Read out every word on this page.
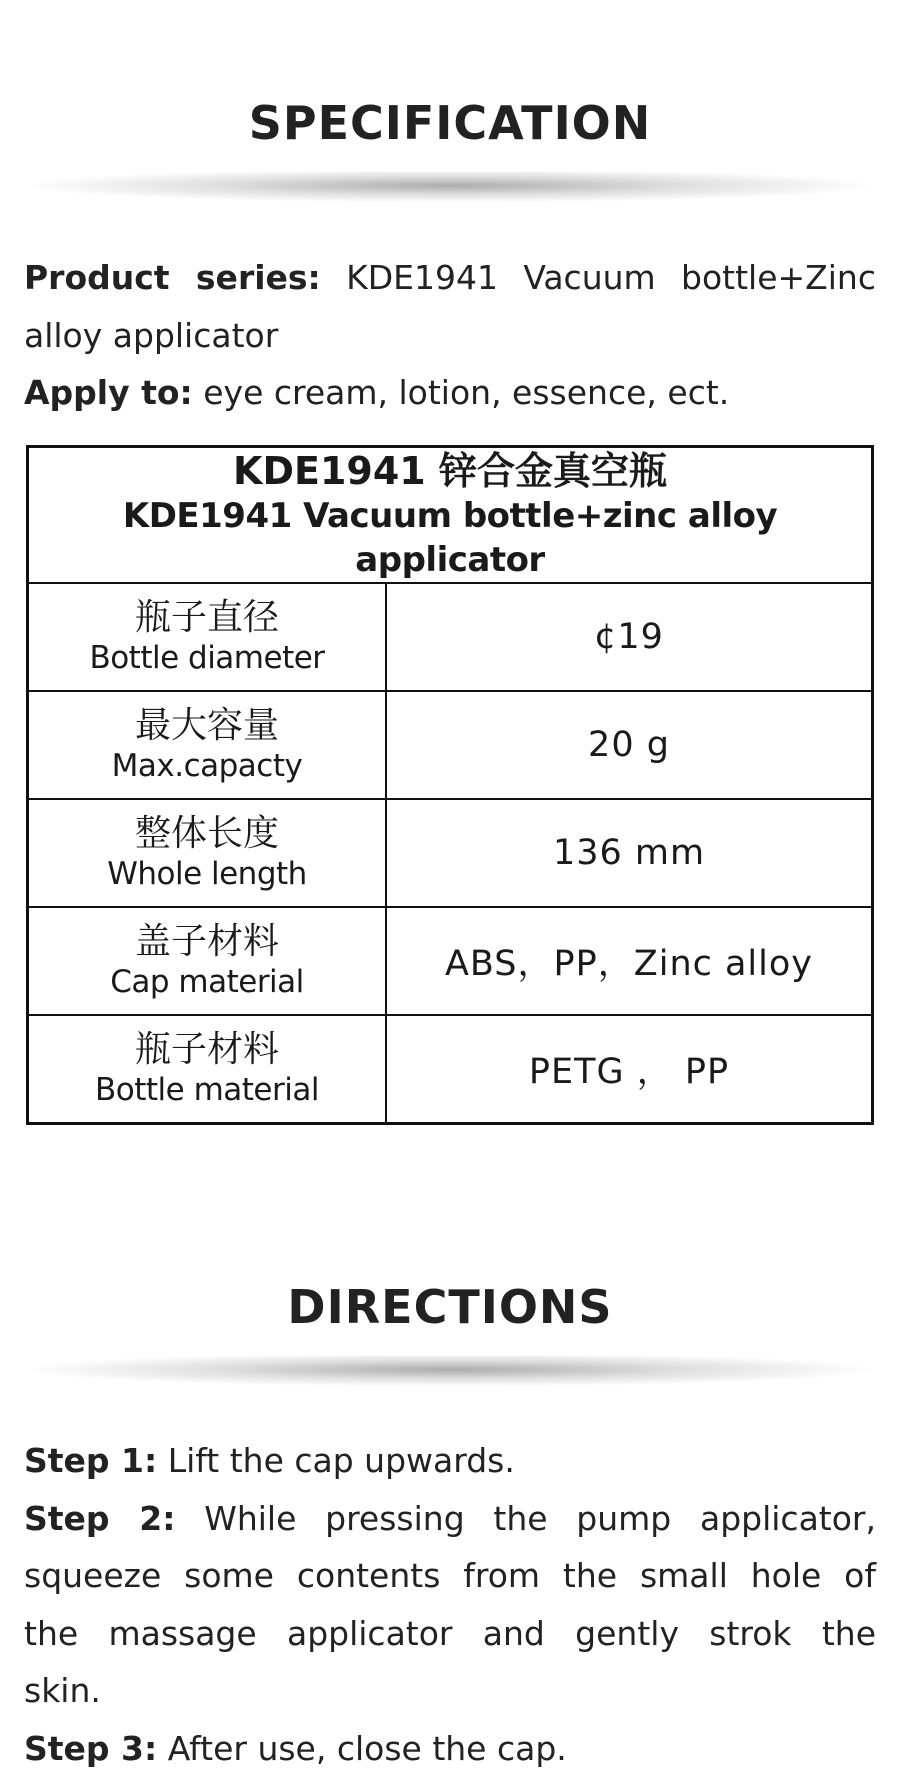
SPECIFICATION
Product series: KDE1941 Vacuum bottle+Zinc
alloy applicator
Apply to: eye cream, lotion, essence, ect.
KDE1941 锌合金真空瓶
KDE1941 Vacuum bottle+zinc alloy applicator	

瓶子直径
Bottle diameter	¢19

最大容量
Max.capacty	20 g

整体长度
Whole length	136 mm

盖子材料
Cap material	ABS，PP，Zinc alloy

瓶子材料
Bottle material	PETG ， PP
DIRECTIONS
Step 1: Lift the cap upwards.
Step 2: While pressing the pump applicator,
squeeze some contents from the small hole of
the massage applicator and gently strok the
skin.
Step 3: After use, close the cap.
